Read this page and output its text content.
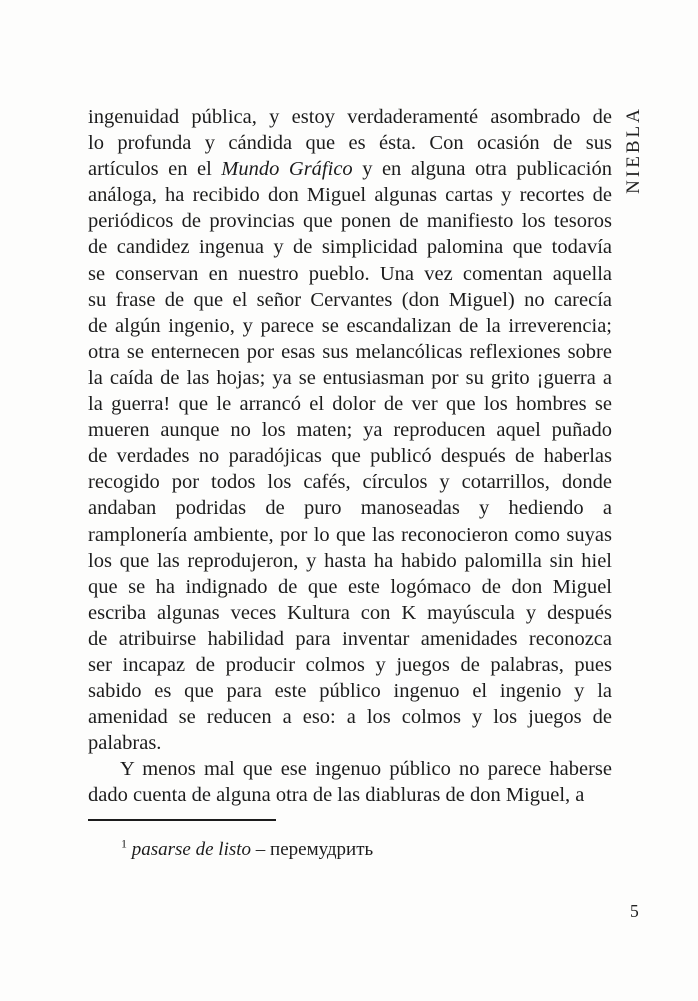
NIEBLA
ingenuidad pública, y estoy verdaderamenté asombrado de
lo profunda y cándida que es ésta. Con ocasión de sus
artículos en el Mundo Gráfico y en alguna otra publicación
análoga, ha recibido don Miguel algunas cartas y recortes de
periódicos de provincias que ponen de manifiesto los tesoros
de candidez ingenua y de simplicidad palomina que todavía
se conservan en nuestro pueblo. Una vez comentan aquella
su frase de que el señor Cervantes (don Miguel) no carecía
de algún ingenio, y parece se escandalizan de la irreverencia;
otra se enternecen por esas sus melancólicas reflexiones sobre
la caída de las hojas; ya se entusiasman por su grito ¡guerra a
la guerra! que le arrancó el dolor de ver que los hombres se
mueren aunque no los maten; ya reproducen aquel puñado
de verdades no paradójicas que publicó después de haberlas
recogido por todos los cafés, círculos y cotarrillos, donde
andaban podridas de puro manoseadas y hediendo a
ramplonería ambiente, por lo que las reconocieron como suyas
los que las reprodujeron, y hasta ha habido palomilla sin hiel
que se ha indignado de que este logómaco de don Miguel
escriba algunas veces Kultura con K mayúscula y después
de atribuirse habilidad para inventar amenidades reconozca
ser incapaz de producir colmos y juegos de palabras, pues
sabido es que para este público ingenuo el ingenio y la
amenidad se reducen a eso: a los colmos y los juegos de
palabras.
Y menos mal que ese ingenuo público no parece haberse
dado cuenta de alguna otra de las diabluras de don Miguel, a
$^1$ pasarse de listo – перемудрить
5
